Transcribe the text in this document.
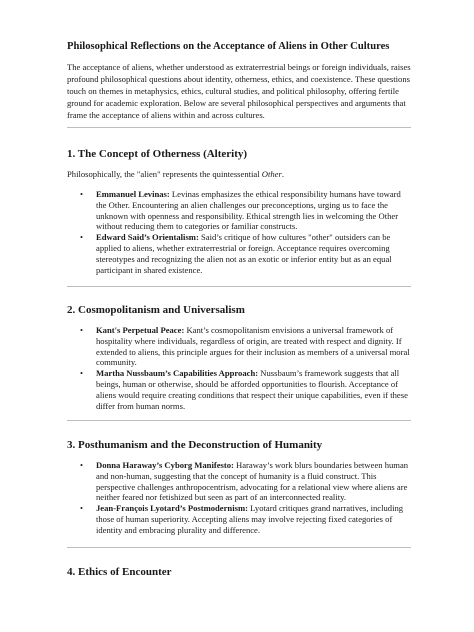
Philosophical Reflections on the Acceptance of Aliens in Other Cultures
The acceptance of aliens, whether understood as extraterrestrial beings or foreign individuals, raises profound philosophical questions about identity, otherness, ethics, and coexistence. These questions touch on themes in metaphysics, ethics, cultural studies, and political philosophy, offering fertile ground for academic exploration. Below are several philosophical perspectives and arguments that frame the acceptance of aliens within and across cultures.
1. The Concept of Otherness (Alterity)
Philosophically, the "alien" represents the quintessential Other.
• Emmanuel Levinas: Levinas emphasizes the ethical responsibility humans have toward the Other. Encountering an alien challenges our preconceptions, urging us to face the unknown with openness and responsibility. Ethical strength lies in welcoming the Other without reducing them to categories or familiar constructs.
• Edward Said’s Orientalism: Said’s critique of how cultures "other" outsiders can be applied to aliens, whether extraterrestrial or foreign. Acceptance requires overcoming stereotypes and recognizing the alien not as an exotic or inferior entity but as an equal participant in shared existence.
2. Cosmopolitanism and Universalism
• Kant's Perpetual Peace: Kant’s cosmopolitanism envisions a universal framework of hospitality where individuals, regardless of origin, are treated with respect and dignity. If extended to aliens, this principle argues for their inclusion as members of a universal moral community.
• Martha Nussbaum’s Capabilities Approach: Nussbaum’s framework suggests that all beings, human or otherwise, should be afforded opportunities to flourish. Acceptance of aliens would require creating conditions that respect their unique capabilities, even if these differ from human norms.
3. Posthumanism and the Deconstruction of Humanity
• Donna Haraway’s Cyborg Manifesto: Haraway’s work blurs boundaries between human and non-human, suggesting that the concept of humanity is a fluid construct. This perspective challenges anthropocentrism, advocating for a relational view where aliens are neither feared nor fetishized but seen as part of an interconnected reality.
• Jean-François Lyotard’s Postmodernism: Lyotard critiques grand narratives, including those of human superiority. Accepting aliens may involve rejecting fixed categories of identity and embracing plurality and difference.
4. Ethics of Encounter
